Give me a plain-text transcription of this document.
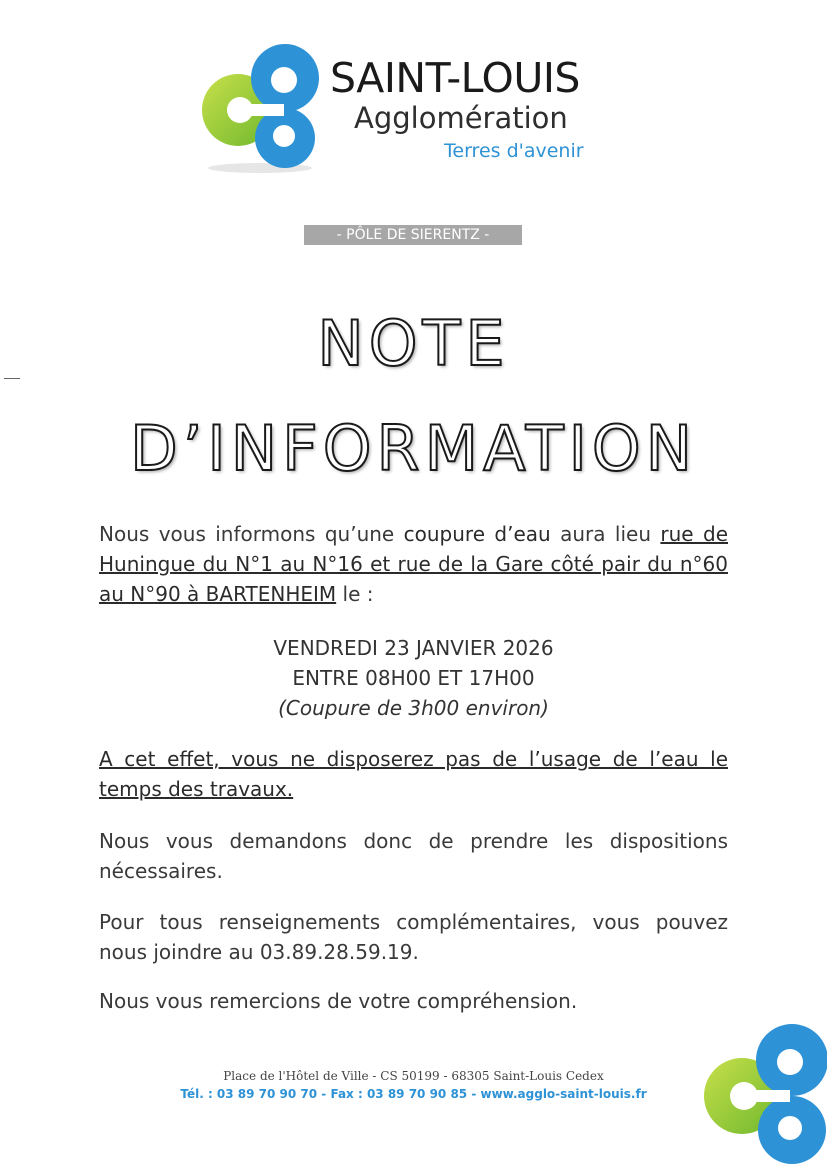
SAINT-LOUIS
Agglomération
Terres d'avenir
- PÔLE DE SIERENTZ -
NOTE
D’INFORMATION
Nous vous informons qu’une coupure d’eau aura lieu rue de Huningue du N°1 au N°16 et rue de la Gare côté pair du n°60 au N°90 à BARTENHEIM le :
VENDREDI 23 JANVIER 2026
ENTRE 08H00 ET 17H00
(Coupure de 3h00 environ)
A cet effet, vous ne disposerez pas de l’usage de l’eau le temps des travaux.
Nous vous demandons donc de prendre les dispositions nécessaires.
Pour tous renseignements complémentaires, vous pouvez nous joindre au 03.89.28.59.19.
Nous vous remercions de votre compréhension.
Place de l'Hôtel de Ville - CS 50199 - 68305 Saint-Louis Cedex
Tél. : 03 89 70 90 70 - Fax : 03 89 70 90 85 - www.agglo-saint-louis.fr
